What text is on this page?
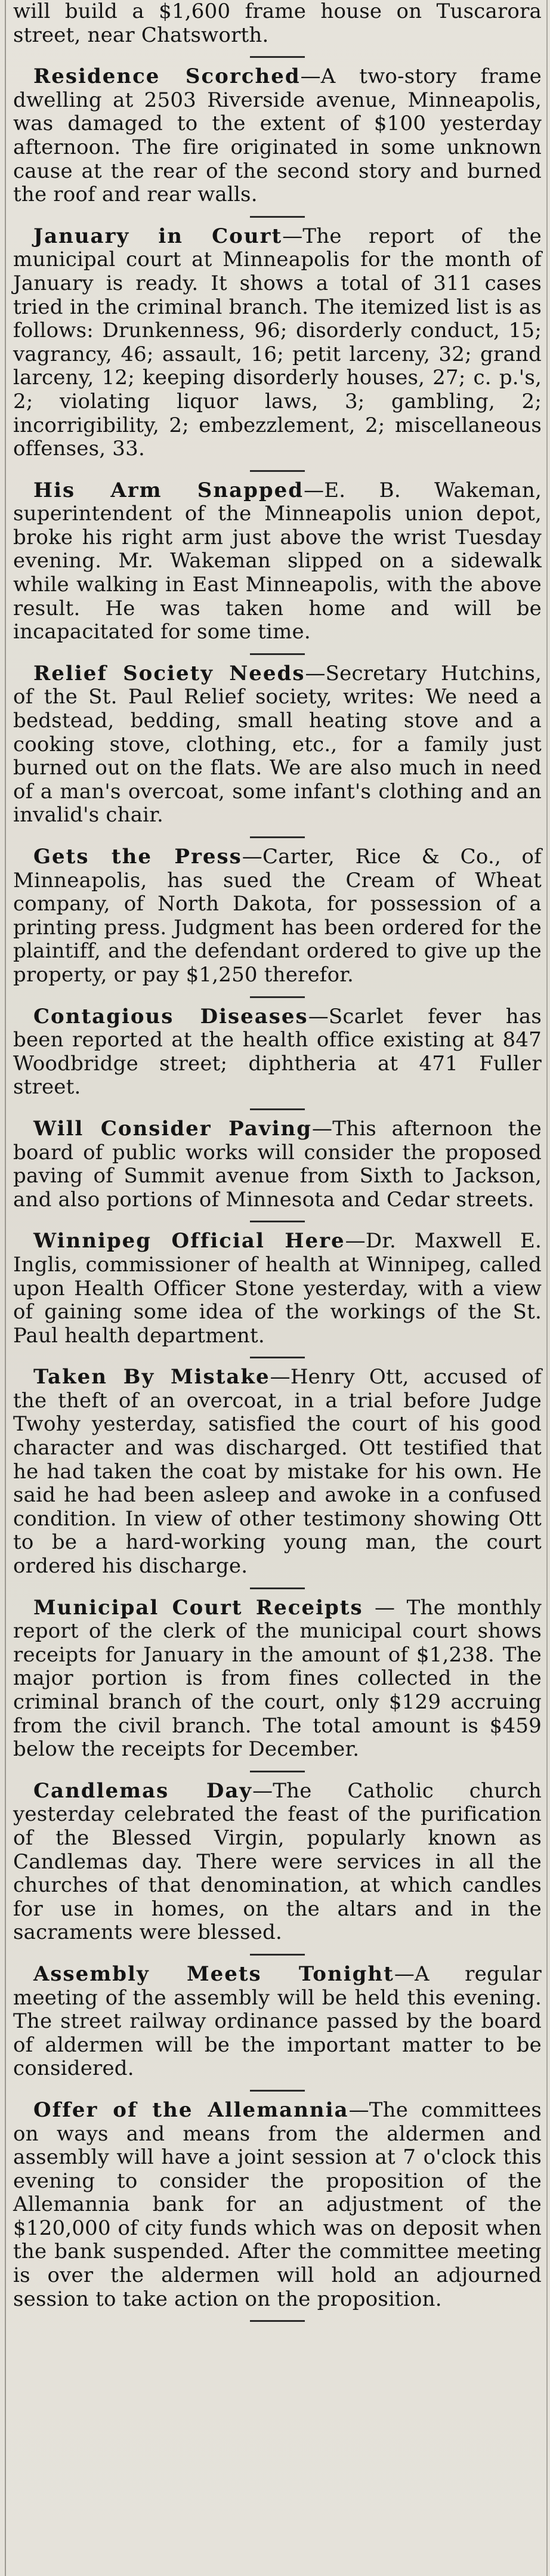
will build a $1,600 frame house on Tuscarora street, near Chatsworth.

Residence Scorched—A two-story frame dwelling at 2503 Riverside avenue, Minneapolis, was damaged to the extent of $100 yesterday afternoon. The fire originated in some unknown cause at the rear of the second story and burned the roof and rear walls.

January in Court—The report of the municipal court at Minneapolis for the month of January is ready. It shows a total of 311 cases tried in the criminal branch. The itemized list is as follows: Drunkenness, 96; disorderly conduct, 15; vagrancy, 46; assault, 16; petit larceny, 32; grand larceny, 12; keeping disorderly houses, 27; c. p.'s, 2; violating liquor laws, 3; gambling, 2; incorrigibility, 2; embezzlement, 2; miscellaneous offenses, 33.

His Arm Snapped—E. B. Wakeman, superintendent of the Minneapolis union depot, broke his right arm just above the wrist Tuesday evening. Mr. Wakeman slipped on a sidewalk while walking in East Minneapolis, with the above result. He was taken home and will be incapacitated for some time.

Relief Society Needs—Secretary Hutchins, of the St. Paul Relief society, writes: We need a bedstead, bedding, small heating stove and a cooking stove, clothing, etc., for a family just burned out on the flats. We are also much in need of a man's overcoat, some infant's clothing and an invalid's chair.

Gets the Press—Carter, Rice & Co., of Minneapolis, has sued the Cream of Wheat company, of North Dakota, for possession of a printing press. Judgment has been ordered for the plaintiff, and the defendant ordered to give up the property, or pay $1,250 therefor.

Contagious Diseases—Scarlet fever has been reported at the health office existing at 847 Woodbridge street; diphtheria at 471 Fuller street.

Will Consider Paving—This afternoon the board of public works will consider the proposed paving of Summit avenue from Sixth to Jackson, and also portions of Minnesota and Cedar streets.

Winnipeg Official Here—Dr. Maxwell E. Inglis, commissioner of health at Winnipeg, called upon Health Officer Stone yesterday, with a view of gaining some idea of the workings of the St. Paul health department.

Taken By Mistake—Henry Ott, accused of the theft of an overcoat, in a trial before Judge Twohy yesterday, satisfied the court of his good character and was discharged. Ott testified that he had taken the coat by mistake for his own. He said he had been asleep and awoke in a confused condition. In view of other testimony showing Ott to be a hard-working young man, the court ordered his discharge.

Municipal Court Receipts — The monthly report of the clerk of the municipal court shows receipts for January in the amount of $1,238. The major portion is from fines collected in the criminal branch of the court, only $129 accruing from the civil branch. The total amount is $459 below the receipts for December.

Candlemas Day—The Catholic church yesterday celebrated the feast of the purification of the Blessed Virgin, popularly known as Candlemas day. There were services in all the churches of that denomination, at which candles for use in homes, on the altars and in the sacraments were blessed.

Assembly Meets Tonight—A regular meeting of the assembly will be held this evening. The street railway ordinance passed by the board of aldermen will be the important matter to be considered.

Offer of the Allemannia—The committees on ways and means from the aldermen and assembly will have a joint session at 7 o'clock this evening to consider the proposition of the Allemannia bank for an adjustment of the $120,000 of city funds which was on deposit when the bank suspended. After the committee meeting is over the aldermen will hold an adjourned session to take action on the proposition.
